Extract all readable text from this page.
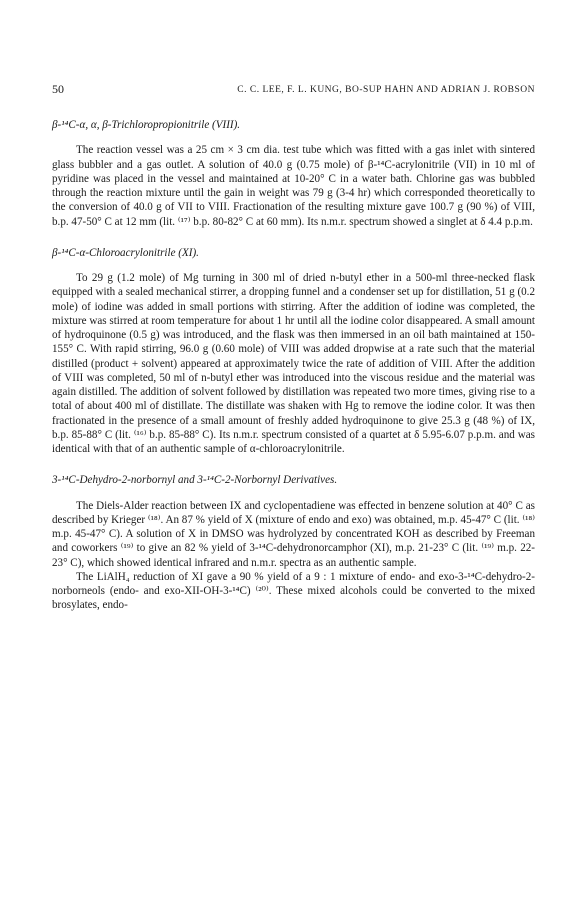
50	C. C. LEE, F. L. KUNG, BO-SUP HAHN AND ADRIAN J. ROBSON

β-¹⁴C-α, α, β-Trichloropropionitrile (VIII).

The reaction vessel was a 25 cm × 3 cm dia. test tube which was fitted with a gas inlet with sintered glass bubbler and a gas outlet. A solution of 40.0 g (0.75 mole) of β-¹⁴C-acrylonitrile (VII) in 10 ml of pyridine was placed in the vessel and maintained at 10-20° C in a water bath. Chlorine gas was bubbled through the reaction mixture until the gain in weight was 79 g (3-4 hr) which corresponded theoretically to the conversion of 40.0 g of VII to VIII. Fractionation of the resulting mixture gave 100.7 g (90 %) of VIII, b.p. 47-50° C at 12 mm (lit. ⁽¹⁷⁾ b.p. 80-82° C at 60 mm). Its n.m.r. spectrum showed a singlet at δ 4.4 p.p.m.

β-¹⁴C-α-Chloroacrylonitrile (XI).

To 29 g (1.2 mole) of Mg turning in 300 ml of dried n-butyl ether in a 500-ml three-necked flask equipped with a sealed mechanical stirrer, a dropping funnel and a condenser set up for distillation, 51 g (0.2 mole) of iodine was added in small portions with stirring. After the addition of iodine was completed, the mixture was stirred at room temperature for about 1 hr until all the iodine color disappeared. A small amount of hydroquinone (0.5 g) was introduced, and the flask was then immersed in an oil bath maintained at 150-155° C. With rapid stirring, 96.0 g (0.60 mole) of VIII was added dropwise at a rate such that the material distilled (product + solvent) appeared at approximately twice the rate of addition of VIII. After the addition of VIII was completed, 50 ml of n-butyl ether was introduced into the viscous residue and the material was again distilled. The addition of solvent followed by distillation was repeated two more times, giving rise to a total of about 400 ml of distillate. The distillate was shaken with Hg to remove the iodine color. It was then fractionated in the presence of a small amount of freshly added hydroquinone to give 25.3 g (48 %) of IX, b.p. 85-88° C (lit. ⁽¹⁶⁾ b.p. 85-88° C). Its n.m.r. spectrum consisted of a quartet at δ 5.95-6.07 p.p.m. and was identical with that of an authentic sample of α-chloroacrylonitrile.

3-¹⁴C-Dehydro-2-norbornyl and 3-¹⁴C-2-Norbornyl Derivatives.

The Diels-Alder reaction between IX and cyclopentadiene was effected in benzene solution at 40° C as described by Krieger ⁽¹⁸⁾. An 87 % yield of X (mixture of endo and exo) was obtained, m.p. 45-47° C (lit. ⁽¹⁸⁾ m.p. 45-47° C). A solution of X in DMSO was hydrolyzed by concentrated KOH as described by Freeman and coworkers ⁽¹⁹⁾ to give an 82 % yield of 3-¹⁴C-dehydronorcamphor (XI), m.p. 21-23° C (lit. ⁽¹⁹⁾ m.p. 22-23° C), which showed identical infrared and n.m.r. spectra as an authentic sample.

The LiAlH₄ reduction of XI gave a 90 % yield of a 9 : 1 mixture of endo- and exo-3-¹⁴C-dehydro-2-norborneols (endo- and exo-XII-OH-3-¹⁴C) ⁽²⁰⁾. These mixed alcohols could be converted to the mixed brosylates, endo-
